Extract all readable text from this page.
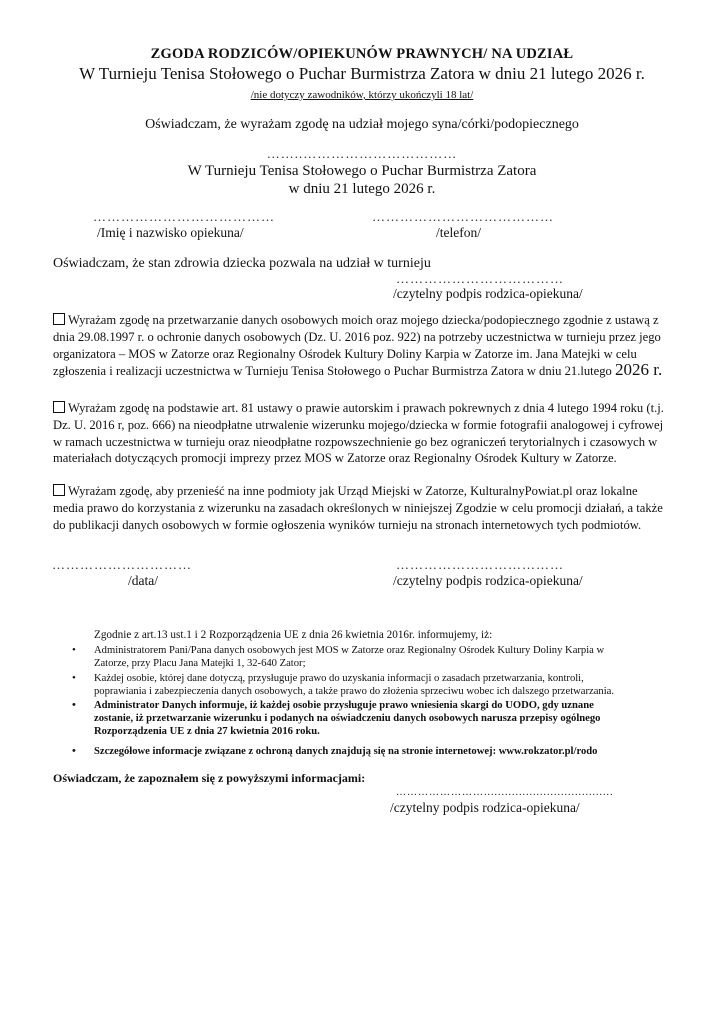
ZGODA RODZICÓW/OPIEKUNÓW PRAWNYCH/ NA UDZIAŁ
W Turnieju Tenisa Stołowego o Puchar Burmistrza Zatora w dniu 21 lutego 2026 r.
/nie dotyczy zawodników, którzy ukończyli 18 lat/
Oświadczam, że wyrażam zgodę na udział mojego syna/córki/podopiecznego
……..……………………………
W Turnieju Tenisa Stołowego o Puchar Burmistrza Zatora
w dniu 21 lutego 2026 r.
…………………………………
/Imię i nazwisko opiekuna/
…………………………………
/telefon/
Oświadczam, że stan zdrowia dziecka pozwala na udział w turnieju
………………………………
/czytelny podpis rodzica-opiekuna/
Wyrażam zgodę na przetwarzanie danych osobowych moich oraz mojego dziecka/podopiecznego zgodnie z ustawą z dnia 29.08.1997 r. o ochronie danych osobowych (Dz. U. 2016 poz. 922) na potrzeby uczestnictwa w turnieju przez jego organizatora – MOS w Zatorze oraz Regionalny Ośrodek Kultury Doliny Karpia w Zatorze im. Jana Matejki w celu zgłoszenia i realizacji uczestnictwa w Turnieju Tenisa Stołowego o Puchar Burmistrza Zatora w dniu 21.lutego 2026 r.
Wyrażam zgodę na podstawie art. 81 ustawy o prawie autorskim i prawach pokrewnych z dnia 4 lutego 1994 roku (t.j. Dz. U. 2016 r, poz. 666) na nieodpłatne utrwalenie wizerunku mojego/dziecka w formie fotografii analogowej i cyfrowej w ramach uczestnictwa w turnieju oraz nieodpłatne rozpowszechnienie go bez ograniczeń terytorialnych i czasowych w materiałach dotyczących promocji imprezy przez MOS w Zatorze oraz Regionalny Ośrodek Kultury w Zatorze.
Wyrażam zgodę, aby przenieść na inne podmioty jak Urząd Miejski w Zatorze, KulturalnyPowiat.pl oraz lokalne media prawo do korzystania z wizerunku na zasadach określonych w niniejszej Zgodzie w celu promocji działań, a także do publikacji danych osobowych w formie ogłoszenia wyników turnieju na stronach internetowych tych podmiotów.
…………………………
/data/
………………………………
/czytelny podpis rodzica-opiekuna/
Zgodnie z art.13 ust.1 i 2 Rozporządzenia UE z dnia 26 kwietnia 2016r. informujemy, iż:
• Administratorem Pani/Pana danych osobowych jest MOS w Zatorze oraz Regionalny Ośrodek Kultury Doliny Karpia w Zatorze, przy Placu Jana Matejki 1, 32-640 Zator;
• Każdej osobie, której dane dotyczą, przysługuje prawo do uzyskania informacji o zasadach przetwarzania, kontroli, poprawiania i zabezpieczenia danych osobowych, a także prawo do złożenia sprzeciwu wobec ich dalszego przetwarzania.
• Administrator Danych informuje, iż każdej osobie przysługuje prawo wniesienia skargi do UODO, gdy uznane zostanie, iż przetwarzanie wizerunku i podanych na oświadczeniu danych osobowych narusza przepisy ogólnego Rozporządzenia UE z dnia 27 kwietnia 2016 roku.
• Szczegółowe informacje związane z ochroną danych znajdują się na stronie internetowej: www.rokzator.pl/rodo
Oświadczam, że zapoznałem się z powyższymi informacjami:
…………………….....................................
/czytelny podpis rodzica-opiekuna/
